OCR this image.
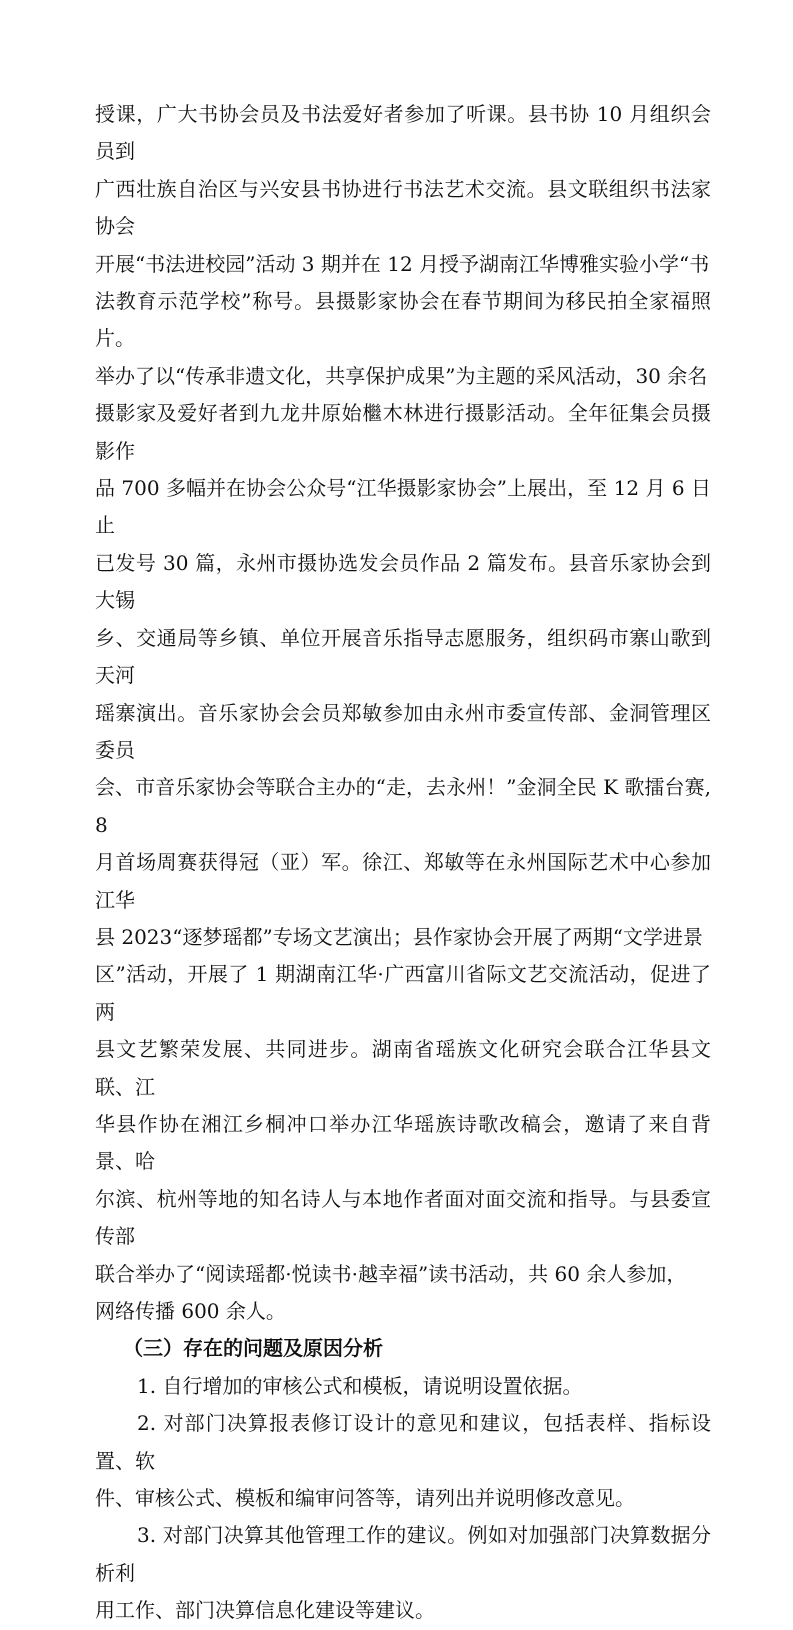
授课，广大书协会员及书法爱好者参加了听课。县书协 10 月组织会员到
广西壮族自治区与兴安县书协进行书法艺术交流。县文联组织书法家协会
开展“书法进校园”活动 3 期并在 12 月授予湖南江华博雅实验小学“书
法教育示范学校”称号。县摄影家协会在春节期间为移民拍全家福照片。
举办了以“传承非遗文化，共享保护成果”为主题的采风活动，30 余名
摄影家及爱好者到九龙井原始檵木林进行摄影活动。全年征集会员摄影作
品 700 多幅并在协会公众号“江华摄影家协会”上展出，至 12 月 6 日止
已发号 30 篇，永州市摄协选发会员作品 2 篇发布。县音乐家协会到大锡
乡、交通局等乡镇、单位开展音乐指导志愿服务，组织码市寨山歌到天河
瑶寨演出。音乐家协会会员郑敏参加由永州市委宣传部、金洞管理区委员
会、市音乐家协会等联合主办的“走，去永州！”金洞全民 K 歌擂台赛,8
月首场周赛获得冠（亚）军。徐江、郑敏等在永州国际艺术中心参加江华
县 2023“逐梦瑶都”专场文艺演出；县作家协会开展了两期“文学进景
区”活动，开展了 1 期湖南江华·广西富川省际文艺交流活动，促进了两
县文艺繁荣发展、共同进步。湖南省瑶族文化研究会联合江华县文联、江
华县作协在湘江乡桐冲口举办江华瑶族诗歌改稿会，邀请了来自背景、哈
尔滨、杭州等地的知名诗人与本地作者面对面交流和指导。与县委宣传部
联合举办了“阅读瑶都·悦读书·越幸福”读书活动，共 60 余人参加，
网络传播 600 余人。
（三）存在的问题及原因分析
1. 自行增加的审核公式和模板，请说明设置依据。
2. 对部门决算报表修订设计的意见和建议，包括表样、指标设置、软
件、审核公式、模板和编审问答等，请列出并说明修改意见。
3. 对部门决算其他管理工作的建议。例如对加强部门决算数据分析利
用工作、部门决算信息化建设等建议。
